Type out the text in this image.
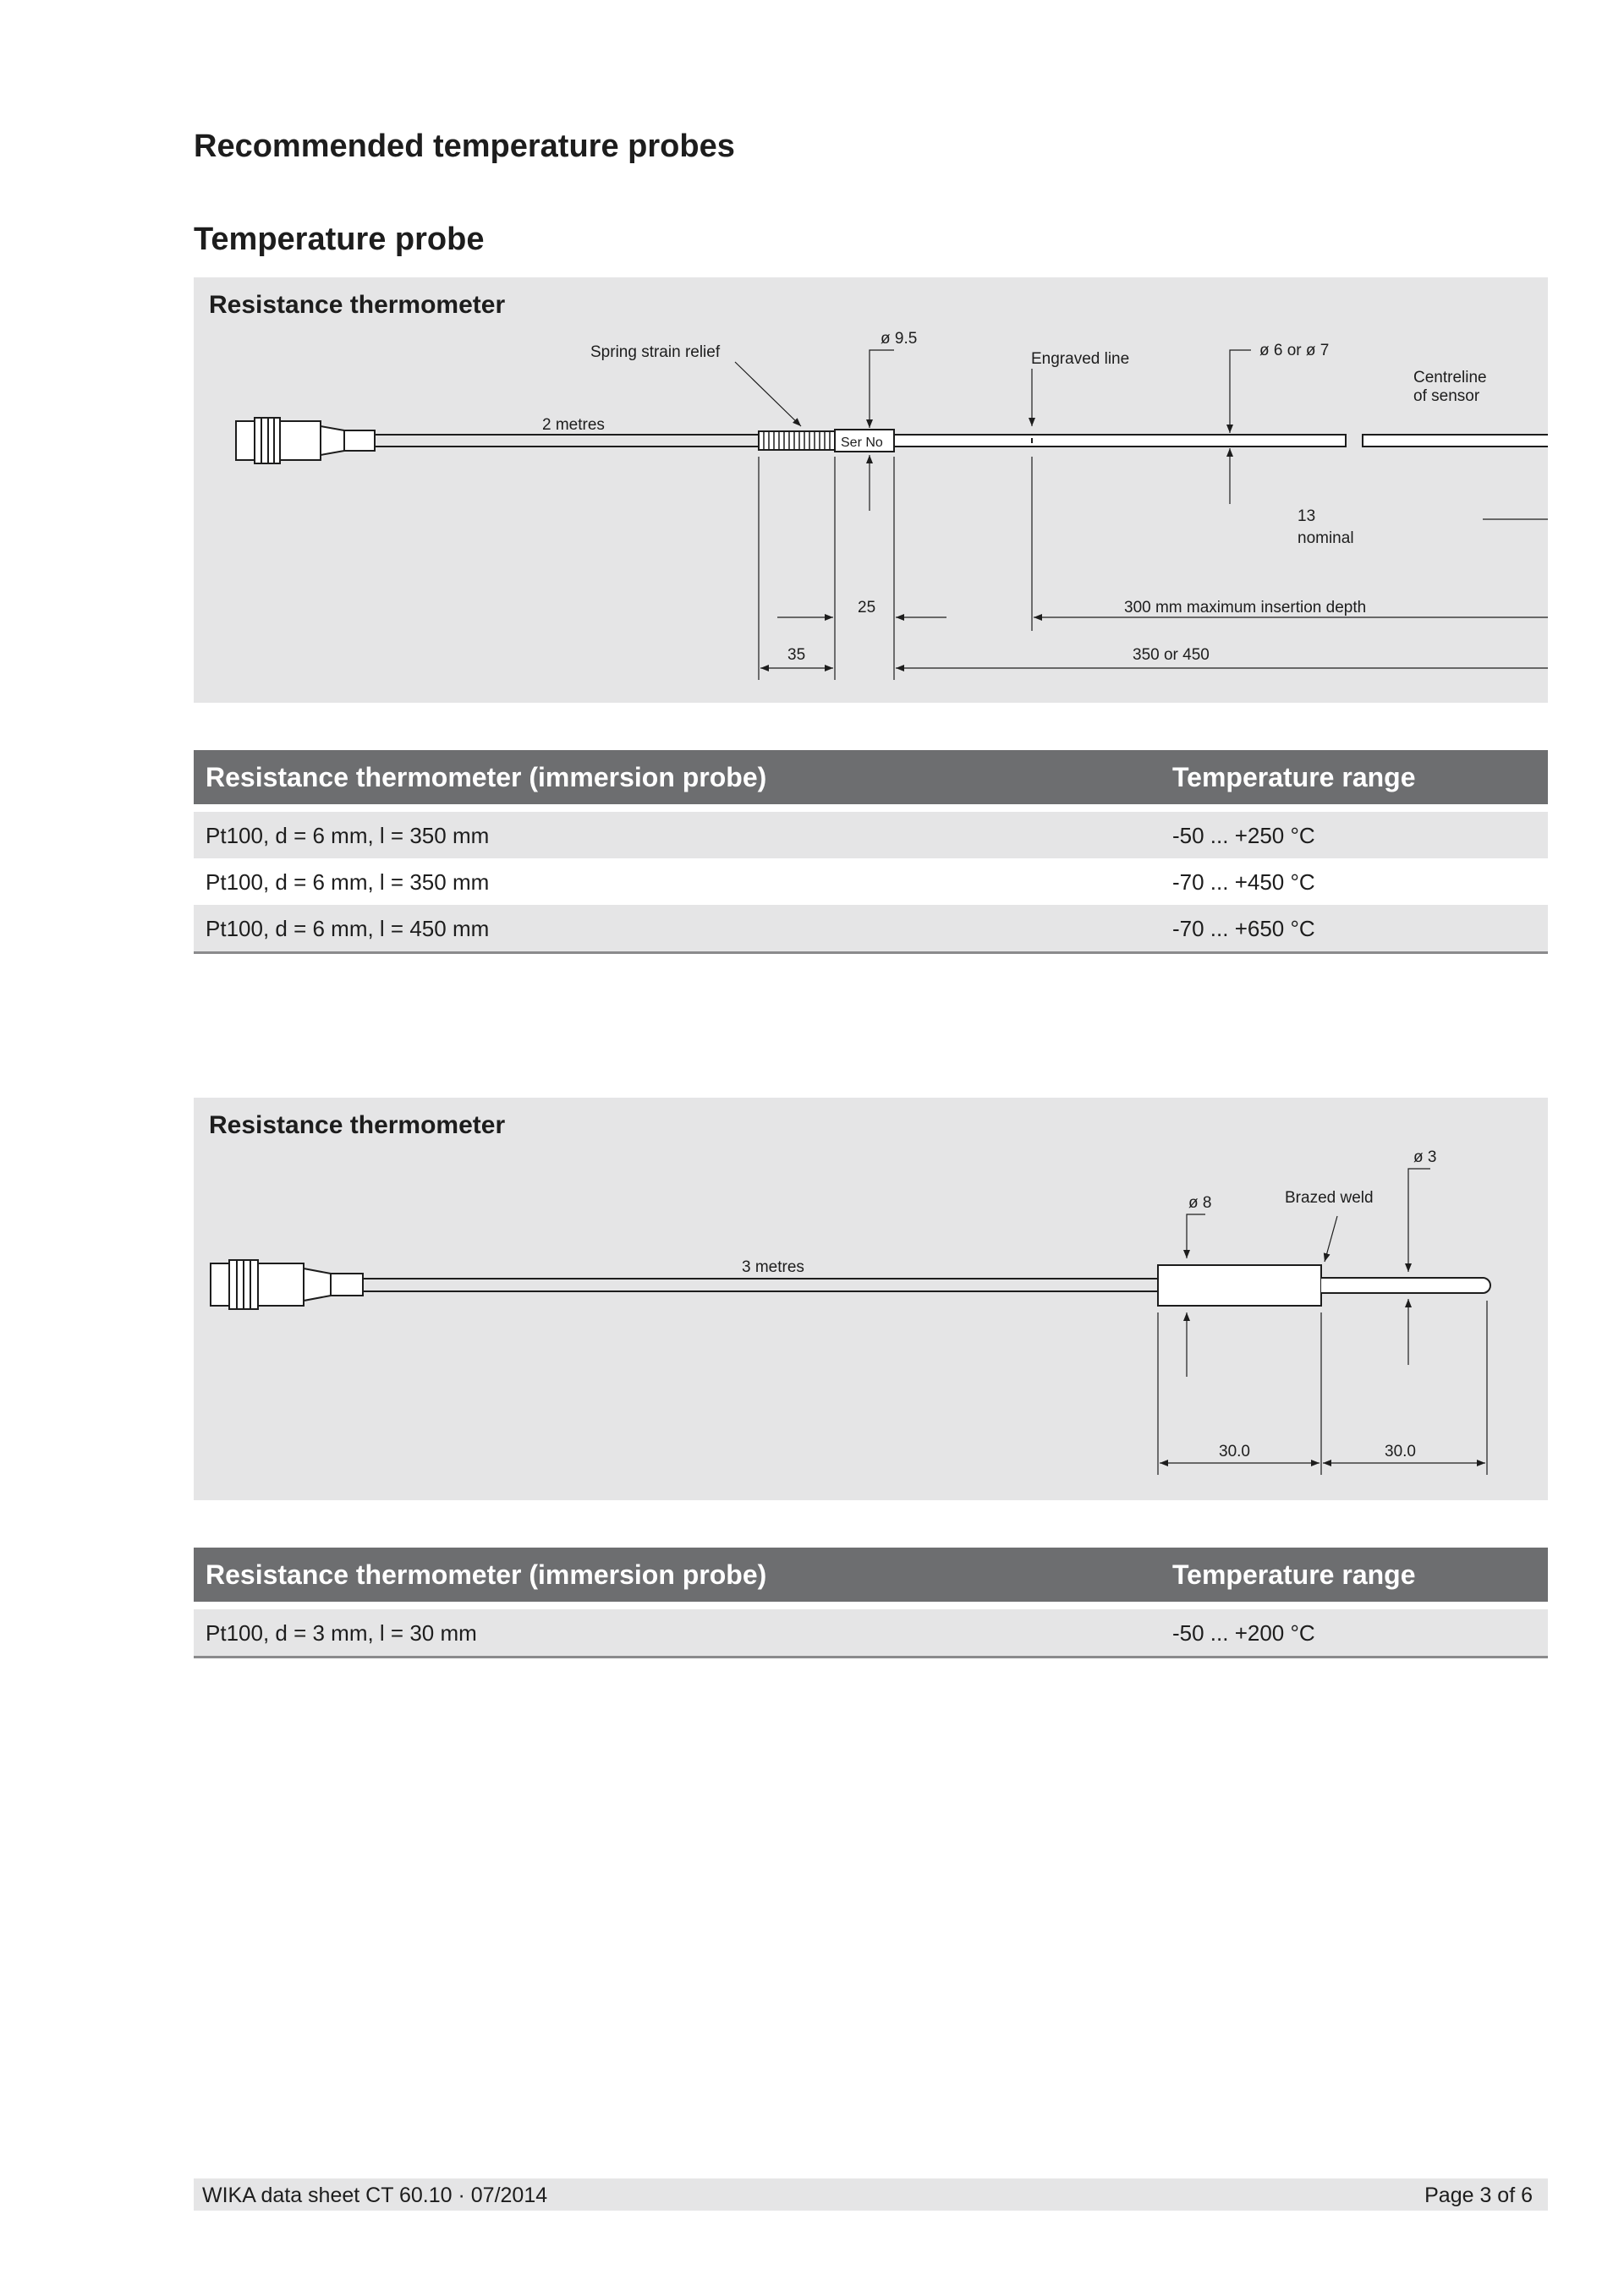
Recommended temperature probes
Temperature probe
Resistance thermometer
Spring strain relief
ø 9.5
Engraved line	ø 6 or ø 7
Centreline
of sensor
2 metres
Ser No
13
nominal
25	300 mm maximum insertion depth
35	350 or 450
Resistance thermometer (immersion probe)	Temperature range
Pt100, d = 6 mm, l = 350 mm	-50 ... +250 °C
Pt100, d = 6 mm, l = 350 mm	-70 ... +450 °C
Pt100, d = 6 mm, l = 450 mm	-70 ... +650 °C
Resistance thermometer
ø 3
ø 8	Brazed weld
3 metres
30.0	30.0
Resistance thermometer (immersion probe)	Temperature range
Pt100, d = 3 mm, l = 30 mm	-50 ... +200 °C
WIKA data sheet CT 60.10 · 07/2014	Page 3 of 6
